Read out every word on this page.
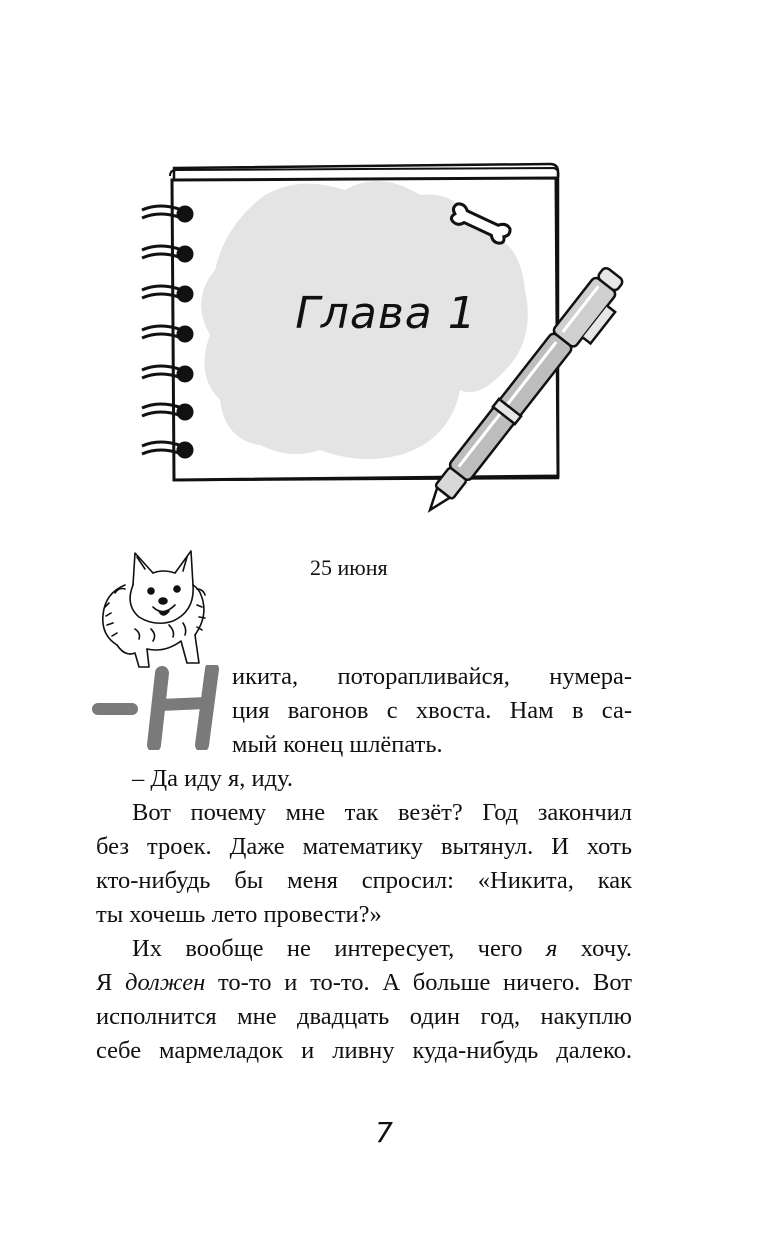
Глава 1
25 июня
икита, поторапливайся, нумера-
ция вагонов с хвоста. Нам в са-
мый конец шлёпать.
– Да иду я, иду.
Вот почему мне так везёт? Год закончил
без троек. Даже математику вытянул. И хоть
кто-нибудь бы меня спросил: «Никита, как
ты хочешь лето провести?»
Их вообще не интересует, чего я хочу.
Я должен то-то и то-то. А больше ничего. Вот
исполнится мне двадцать один год, накуплю
себе мармеладок и ливну куда-нибудь далеко.
7
